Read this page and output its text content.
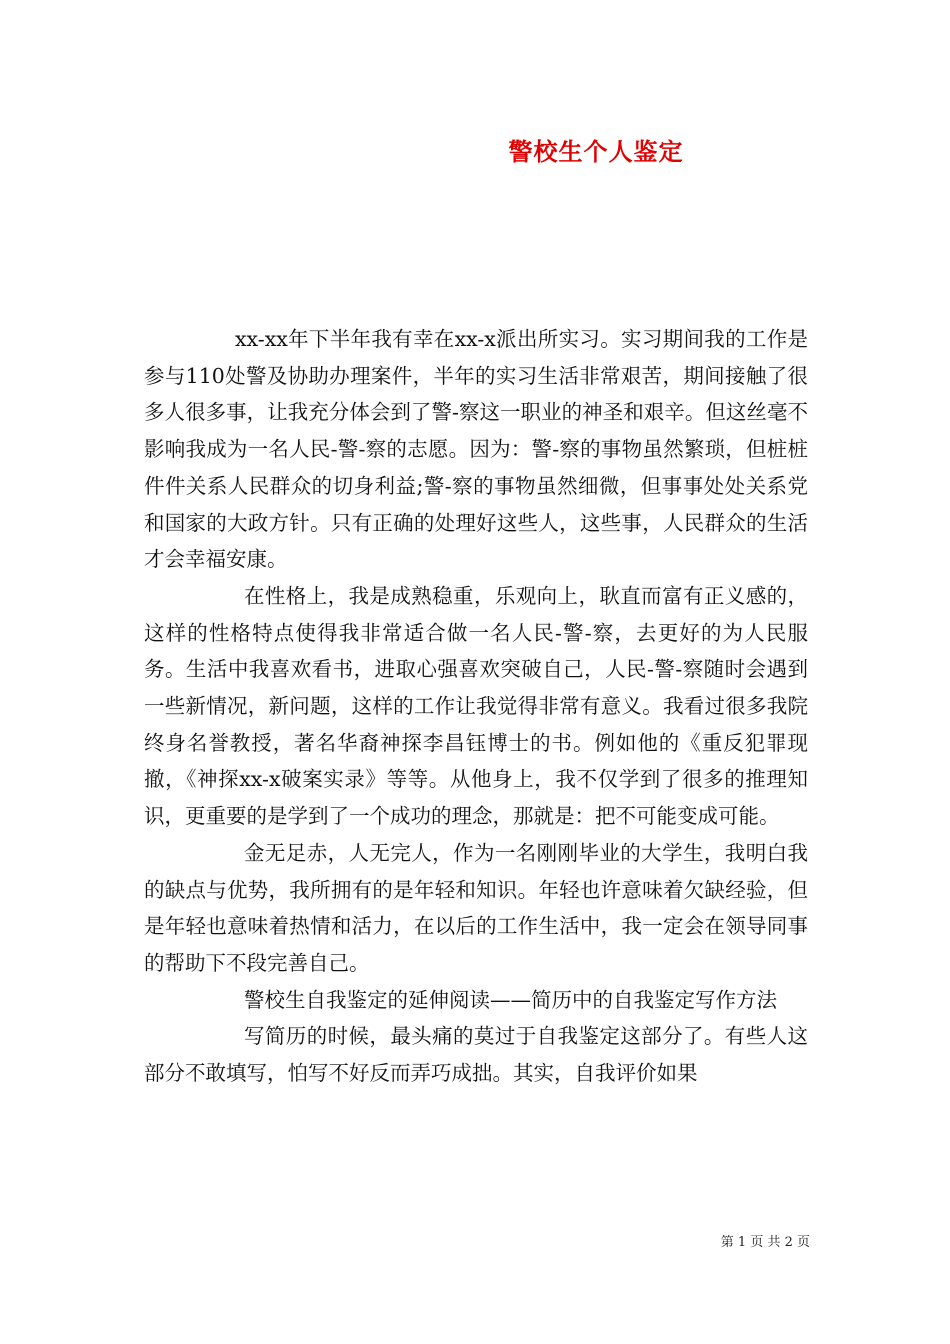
警校生个人鉴定

xx-xx年下半年我有幸在xx-x派出所实习。实习期间我的工作是参与110处警及协助办理案件，半年的实习生活非常艰苦，期间接触了很多人很多事，让我充分体会到了警-察这一职业的神圣和艰辛。但这丝毫不影响我成为一名人民-警-察的志愿。因为：警-察的事物虽然繁琐，但桩桩件件关系人民群众的切身利益;警-察的事物虽然细微，但事事处处关系党和国家的大政方针。只有正确的处理好这些人，这些事，人民群众的生活才会幸福安康。

在性格上，我是成熟稳重，乐观向上，耿直而富有正义感的，这样的性格特点使得我非常适合做一名人民-警-察，去更好的为人民服务。生活中我喜欢看书，进取心强喜欢突破自己，人民-警-察随时会遇到一些新情况，新问题，这样的工作让我觉得非常有意义。我看过很多我院终身名誉教授，著名华裔神探李昌钰博士的书。例如他的《重反犯罪现撤，《神探xx-x破案实录》等等。从他身上，我不仅学到了很多的推理知识，更重要的是学到了一个成功的理念，那就是：把不可能变成可能。

金无足赤，人无完人，作为一名刚刚毕业的大学生，我明白我的缺点与优势，我所拥有的是年轻和知识。年轻也许意味着欠缺经验，但是年轻也意味着热情和活力，在以后的工作生活中，我一定会在领导同事的帮助下不段完善自己。

警校生自我鉴定的延伸阅读——简历中的自我鉴定写作方法

写简历的时候，最头痛的莫过于自我鉴定这部分了。有些人这部分不敢填写，怕写不好反而弄巧成拙。其实，自我评价如果

第 1 页 共 2 页
